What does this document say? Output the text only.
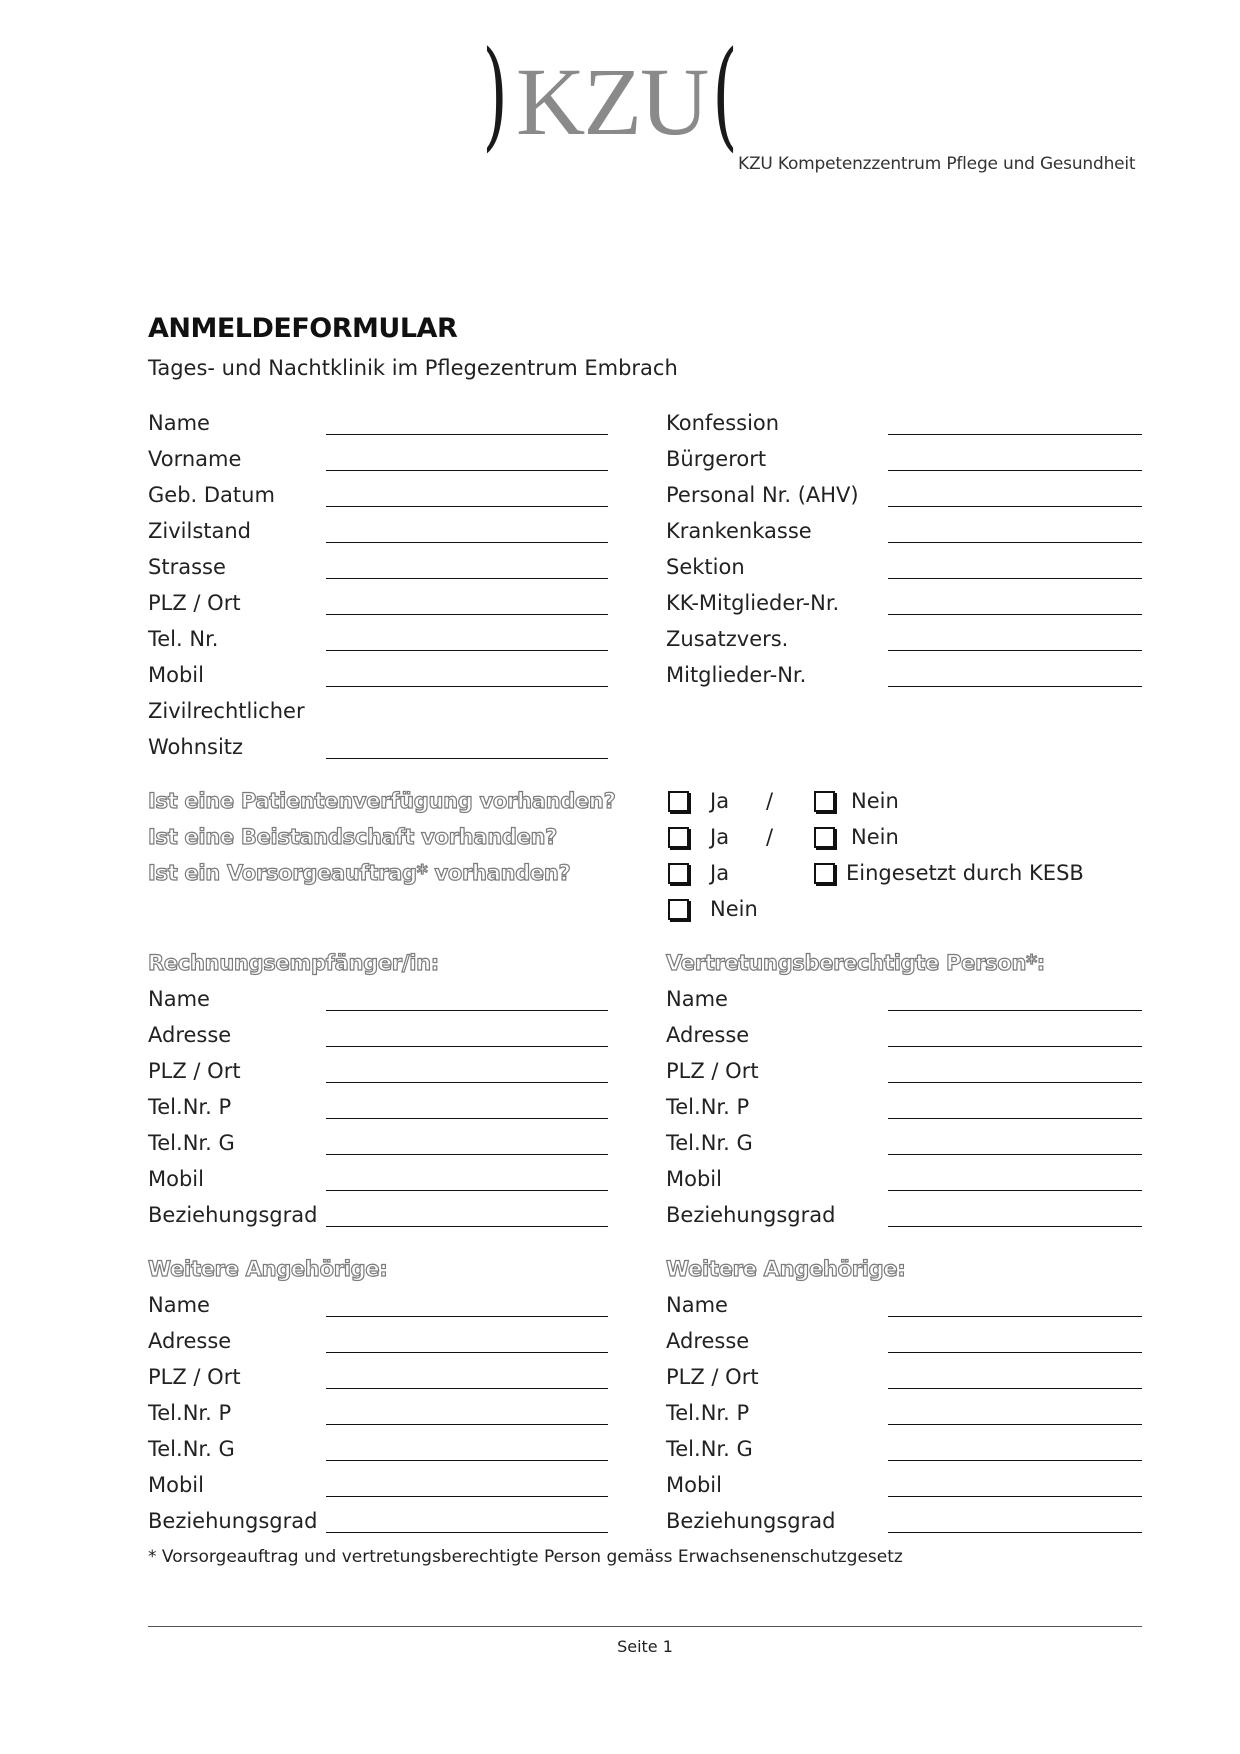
) KZU (
KZU Kompetenzzentrum Pflege und Gesundheit
ANMELDEFORMULAR
Tages- und Nachtklinik im Pflegezentrum Embrach
Name
Vorname
Geb. Datum
Zivilstand
Strasse
PLZ / Ort
Tel. Nr.
Mobil
Zivilrechtlicher
Wohnsitz
Konfession
Bürgerort
Personal Nr. (AHV)
Krankenkasse
Sektion
KK-Mitglieder-Nr.
Zusatzvers.
Mitglieder-Nr.
Ist eine Patientenverfügung vorhanden?	Ja /	Nein
Ist eine Beistandschaft vorhanden?	Ja /	Nein
Ist ein Vorsorgeauftrag* vorhanden?	Ja	Eingesetzt durch KESB
Nein
Rechnungsempfänger/in:
Name
Adresse
PLZ / Ort
Tel.Nr. P
Tel.Nr. G
Mobil
Beziehungsgrad
Vertretungsberechtigte Person*:
Name
Adresse
PLZ / Ort
Tel.Nr. P
Tel.Nr. G
Mobil
Beziehungsgrad
Weitere Angehörige:
Name
Adresse
PLZ / Ort
Tel.Nr. P
Tel.Nr. G
Mobil
Beziehungsgrad
Weitere Angehörige:
Name
Adresse
PLZ / Ort
Tel.Nr. P
Tel.Nr. G
Mobil
Beziehungsgrad
* Vorsorgeauftrag und vertretungsberechtigte Person gemäss Erwachsenenschutzgesetz
Seite 1
